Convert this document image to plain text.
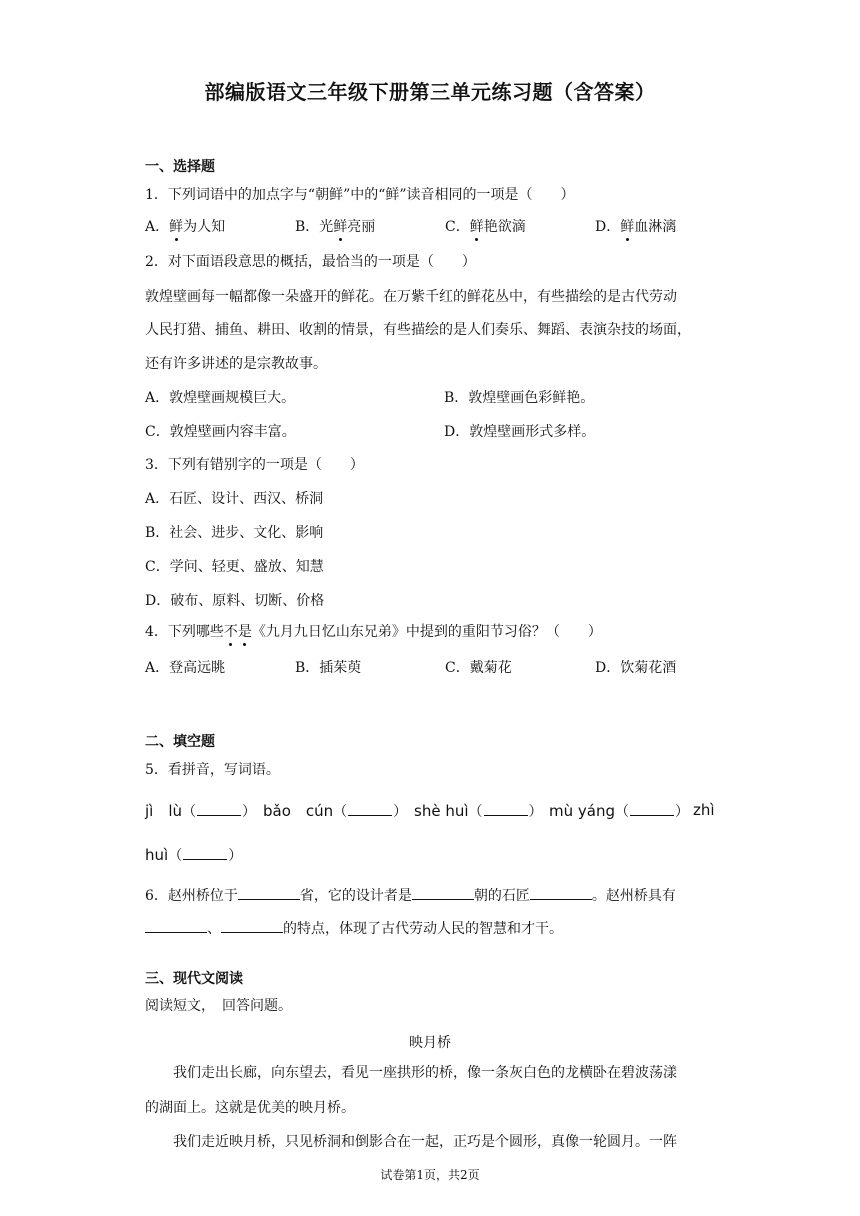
部编版语文三年级下册第三单元练习题（含答案）
一、选择题
1．下列词语中的加点字与“朝鲜”中的“鲜”读音相同的一项是（　　）
A．鲜为人知	B．光鲜亮丽	C．鲜艳欲滴	D．鲜血淋漓
2．对下面语段意思的概括，最恰当的一项是（　　）
敦煌壁画每一幅都像一朵盛开的鲜花。在万紫千红的鲜花丛中，有些描绘的是古代劳动
人民打猎、捕鱼、耕田、收割的情景，有些描绘的是人们奏乐、舞蹈、表演杂技的场面，
还有许多讲述的是宗教故事。
A．敦煌壁画规模巨大。	B．敦煌壁画色彩鲜艳。
C．敦煌壁画内容丰富。	D．敦煌壁画形式多样。
3．下列有错别字的一项是（　　）
A．石匠、设计、西汉、桥洞
B．社会、进步、文化、影响
C．学问、轻更、盛放、知慧
D．破布、原料、切断、价格
4．下列哪些不是《九月九日忆山东兄弟》中提到的重阳节习俗？（　　）
A．登高远眺	B．插茱萸	C．戴菊花	D．饮菊花酒
二、填空题
5．看拼音，写词语。
jì　lù（	） bǎo　cún（	） shè huì（	） mù yáng（	） zhì
huì（	）
6．赵州桥位于	省，它的设计者是	朝的石匠	。赵州桥具有
、	的特点，体现了古代劳动人民的智慧和才干。
三、现代文阅读
阅读短文，　回答问题。
映月桥
我们走出长廊，向东望去，看见一座拱形的桥，像一条灰白色的龙横卧在碧波荡漾
的湖面上。这就是优美的映月桥。
我们走近映月桥，只见桥洞和倒影合在一起，正巧是个圆形，真像一轮圆月。一阵
试卷第1页，共2页
